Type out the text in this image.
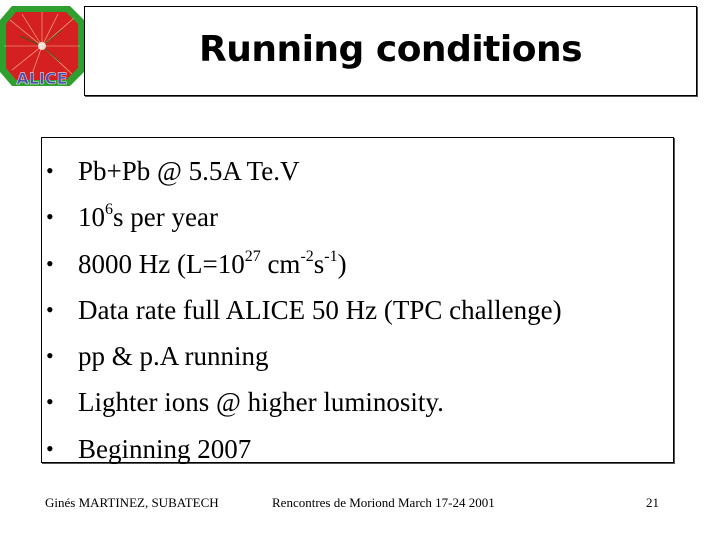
ALICE
Running conditions
• Pb+Pb @ 5.5A Te.V
• $10^6s$ per year
• 8000 Hz ($L=10^{27}$ $cm^{-2}s^{-1}$)
• Data rate full ALICE 50 Hz (TPC challenge)
• pp & p.A running
• Lighter ions @ higher luminosity.
• Beginning 2007
Ginés MARTINEZ, SUBATECH	Rencontres de Moriond March 17-24 2001	21
